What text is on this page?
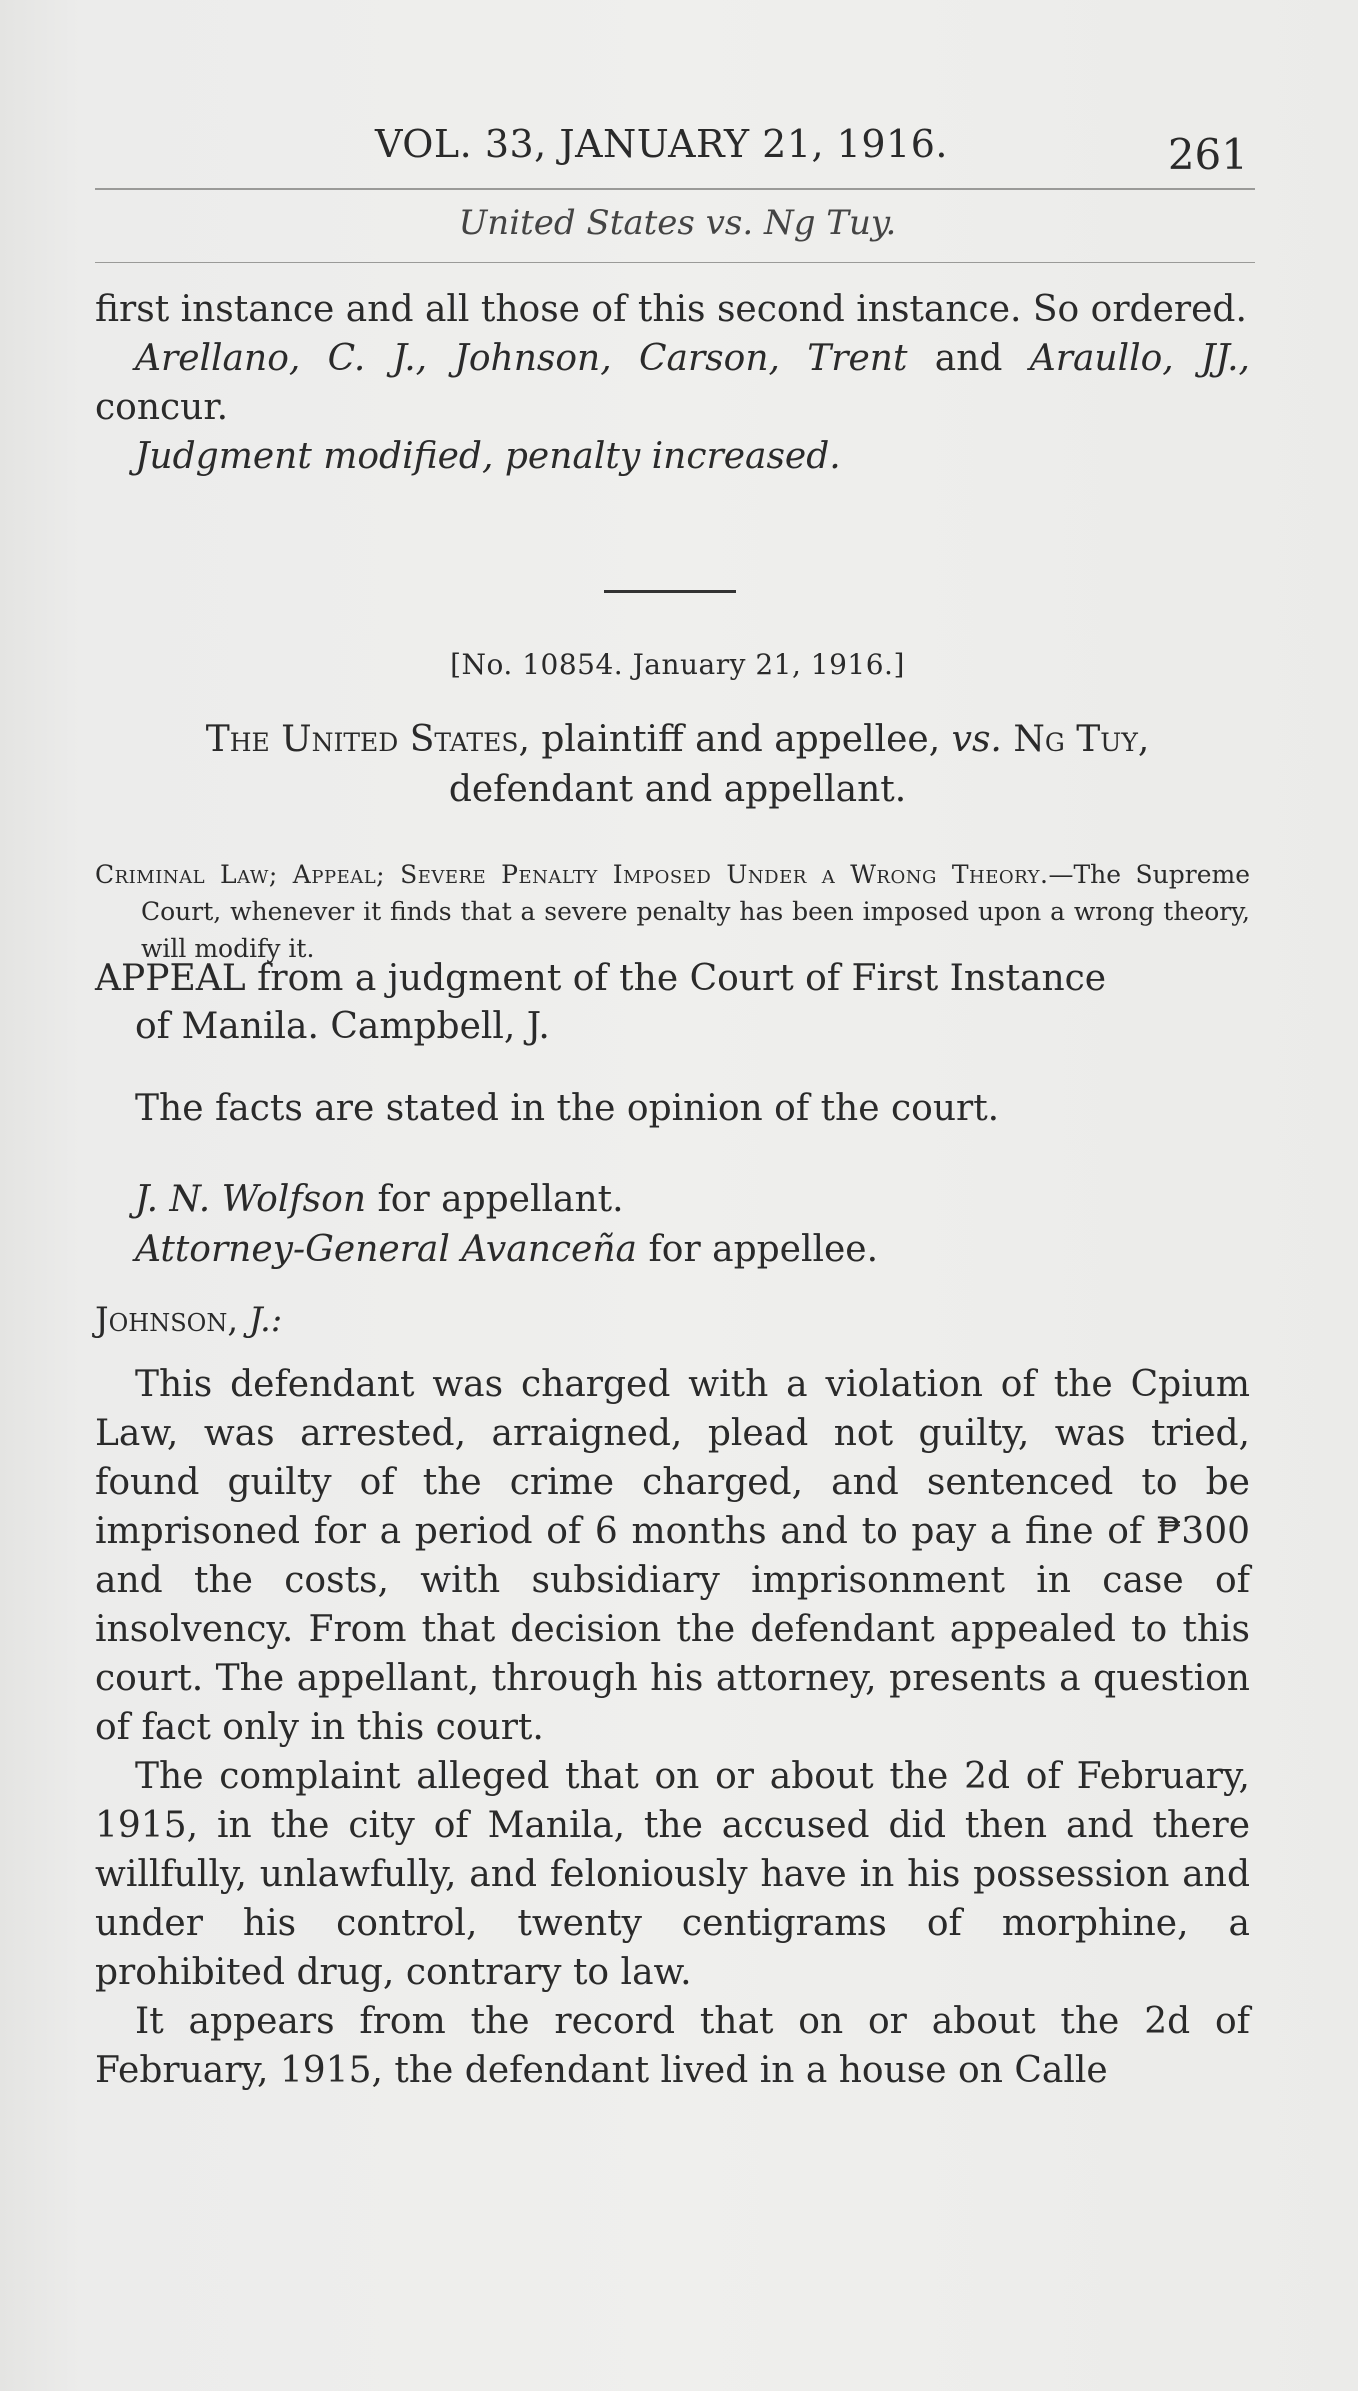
VOL. 33, JANUARY 21, 1916.	261
United States vs. Ng Tuy.

first instance and all those of this second instance. So ordered.

Arellano, C. J., Johnson, Carson, Trent and Araullo, JJ., concur.

Judgment modified, penalty increased.

[No. 10854. January 21, 1916.]
The United States, plaintiff and appellee, vs. Ng Tuy,
defendant and appellant.
Criminal Law; Appeal; Severe Penalty Imposed Under a Wrong Theory.—The Supreme Court, whenever it finds that a severe penalty has been imposed upon a wrong theory, will modify it.
APPEAL from a judgment of the Court of First Instance
of Manila. Campbell, J.
The facts are stated in the opinion of the court.
J. N. Wolfson for appellant.
Attorney-General Avanceña for appellee.
Johnson, J.:

This defendant was charged with a violation of the Cpium Law, was arrested, arraigned, plead not guilty, was tried, found guilty of the crime charged, and sentenced to be imprisoned for a period of 6 months and to pay a fine of ₱300 and the costs, with subsidiary imprisonment in case of insolvency. From that decision the defendant appealed to this court. The appellant, through his attorney, presents a question of fact only in this court.

The complaint alleged that on or about the 2d of February, 1915, in the city of Manila, the accused did then and there willfully, unlawfully, and feloniously have in his possession and under his control, twenty centigrams of morphine, a prohibited drug, contrary to law.

It appears from the record that on or about the 2d of February, 1915, the defendant lived in a house on Calle
